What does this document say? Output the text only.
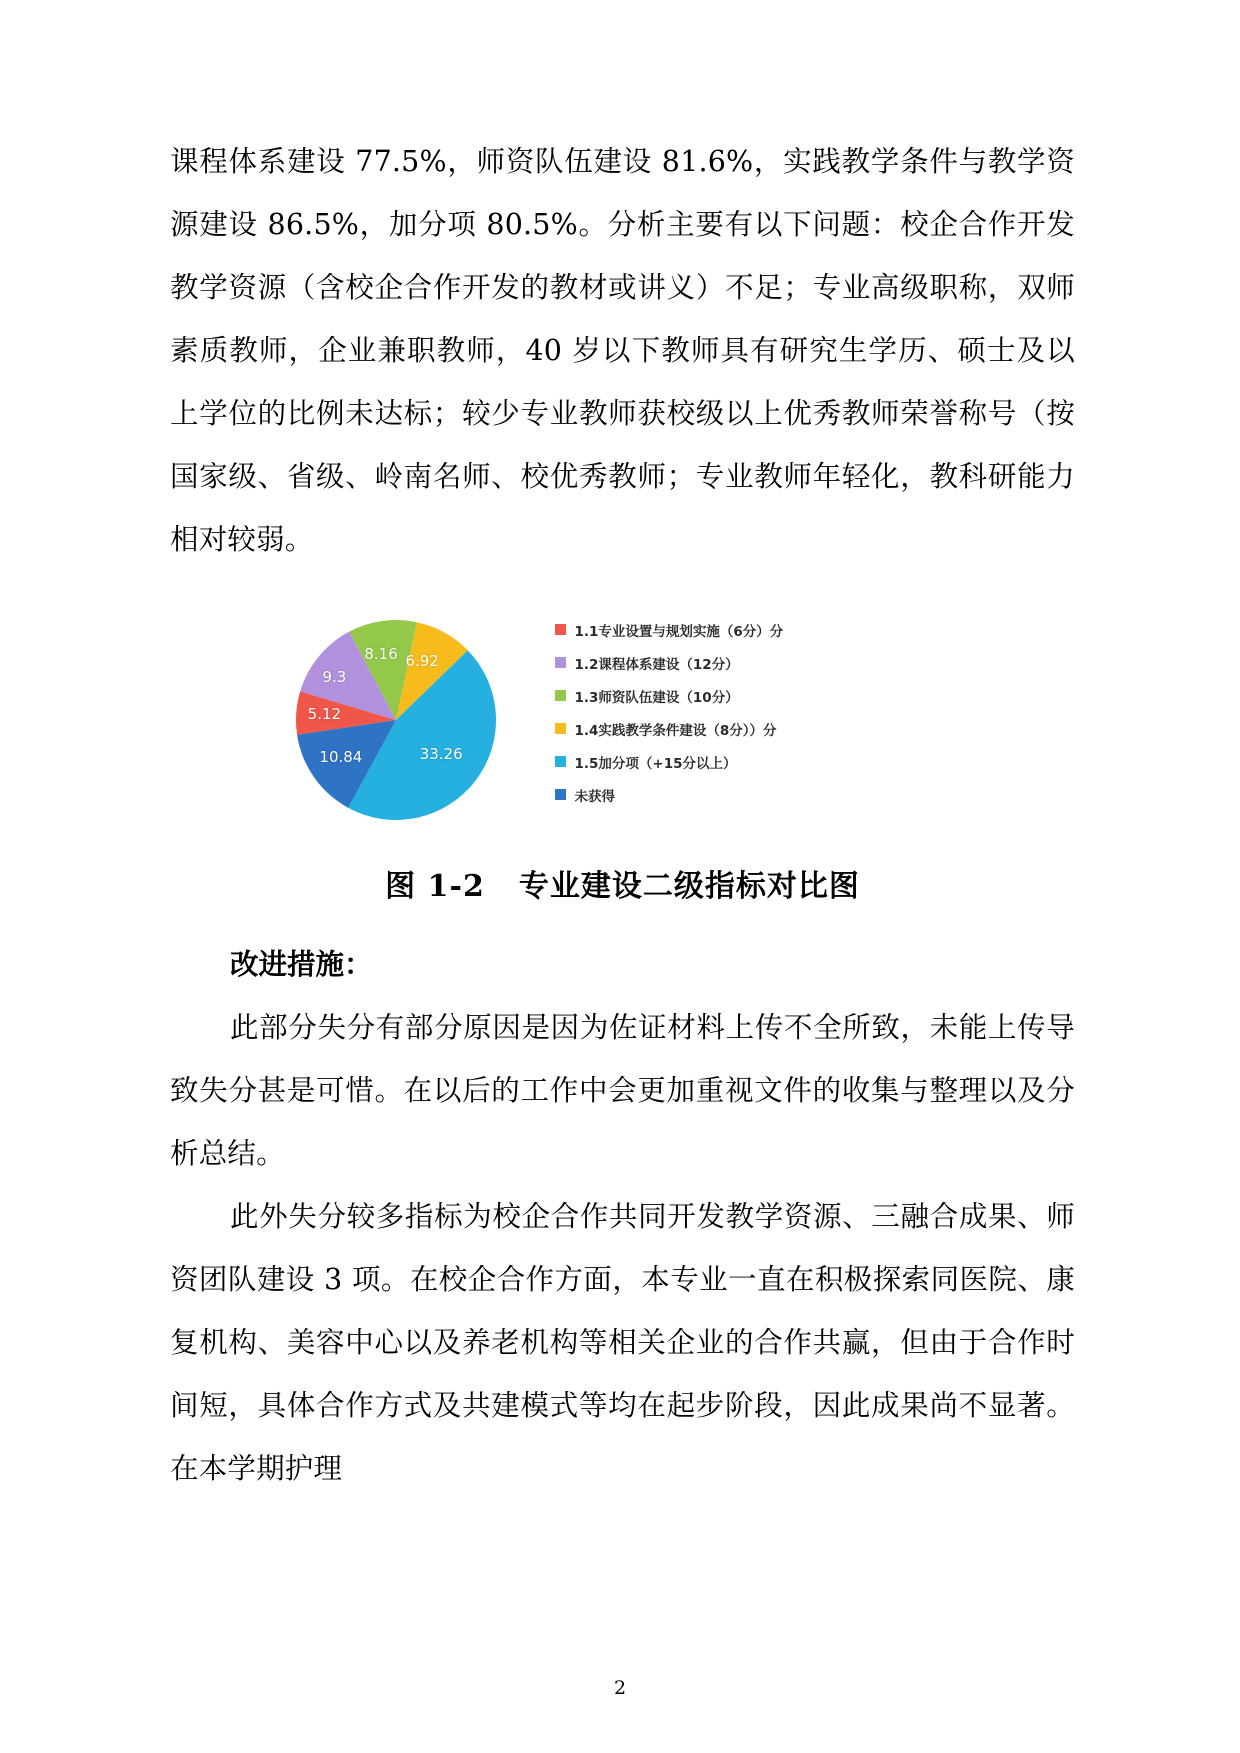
课程体系建设 77.5%，师资队伍建设 81.6%，实践教学条件与教学资源建设 86.5%，加分项 80.5%。分析主要有以下问题：校企合作开发教学资源（含校企合作开发的教材或讲义）不足；专业高级职称，双师素质教师，企业兼职教师，40 岁以下教师具有研究生学历、硕士及以上学位的比例未达标；较少专业教师获校级以上优秀教师荣誉称号（按国家级、省级、岭南名师、校优秀教师；专业教师年轻化，教科研能力相对较弱。

5.12
9.3
8.16 6.92
33.26
10.84
1.1专业设置与规划实施（6分）分
1.2课程体系建设（12分）
1.3师资队伍建设（10分）
1.4实践教学条件建设（8分））分
1.5加分项（+15分以上）
未获得
图 1-2 专业建设二级指标对比图
改进措施：

此部分失分有部分原因是因为佐证材料上传不全所致，未能上传导致失分甚是可惜。在以后的工作中会更加重视文件的收集与整理以及分析总结。

此外失分较多指标为校企合作共同开发教学资源、三融合成果、师资团队建设 3 项。在校企合作方面，本专业一直在积极探索同医院、康复机构、美容中心以及养老机构等相关企业的合作共赢，但由于合作时间短，具体合作方式及共建模式等均在起步阶段，因此成果尚不显著。在本学期护理

2
